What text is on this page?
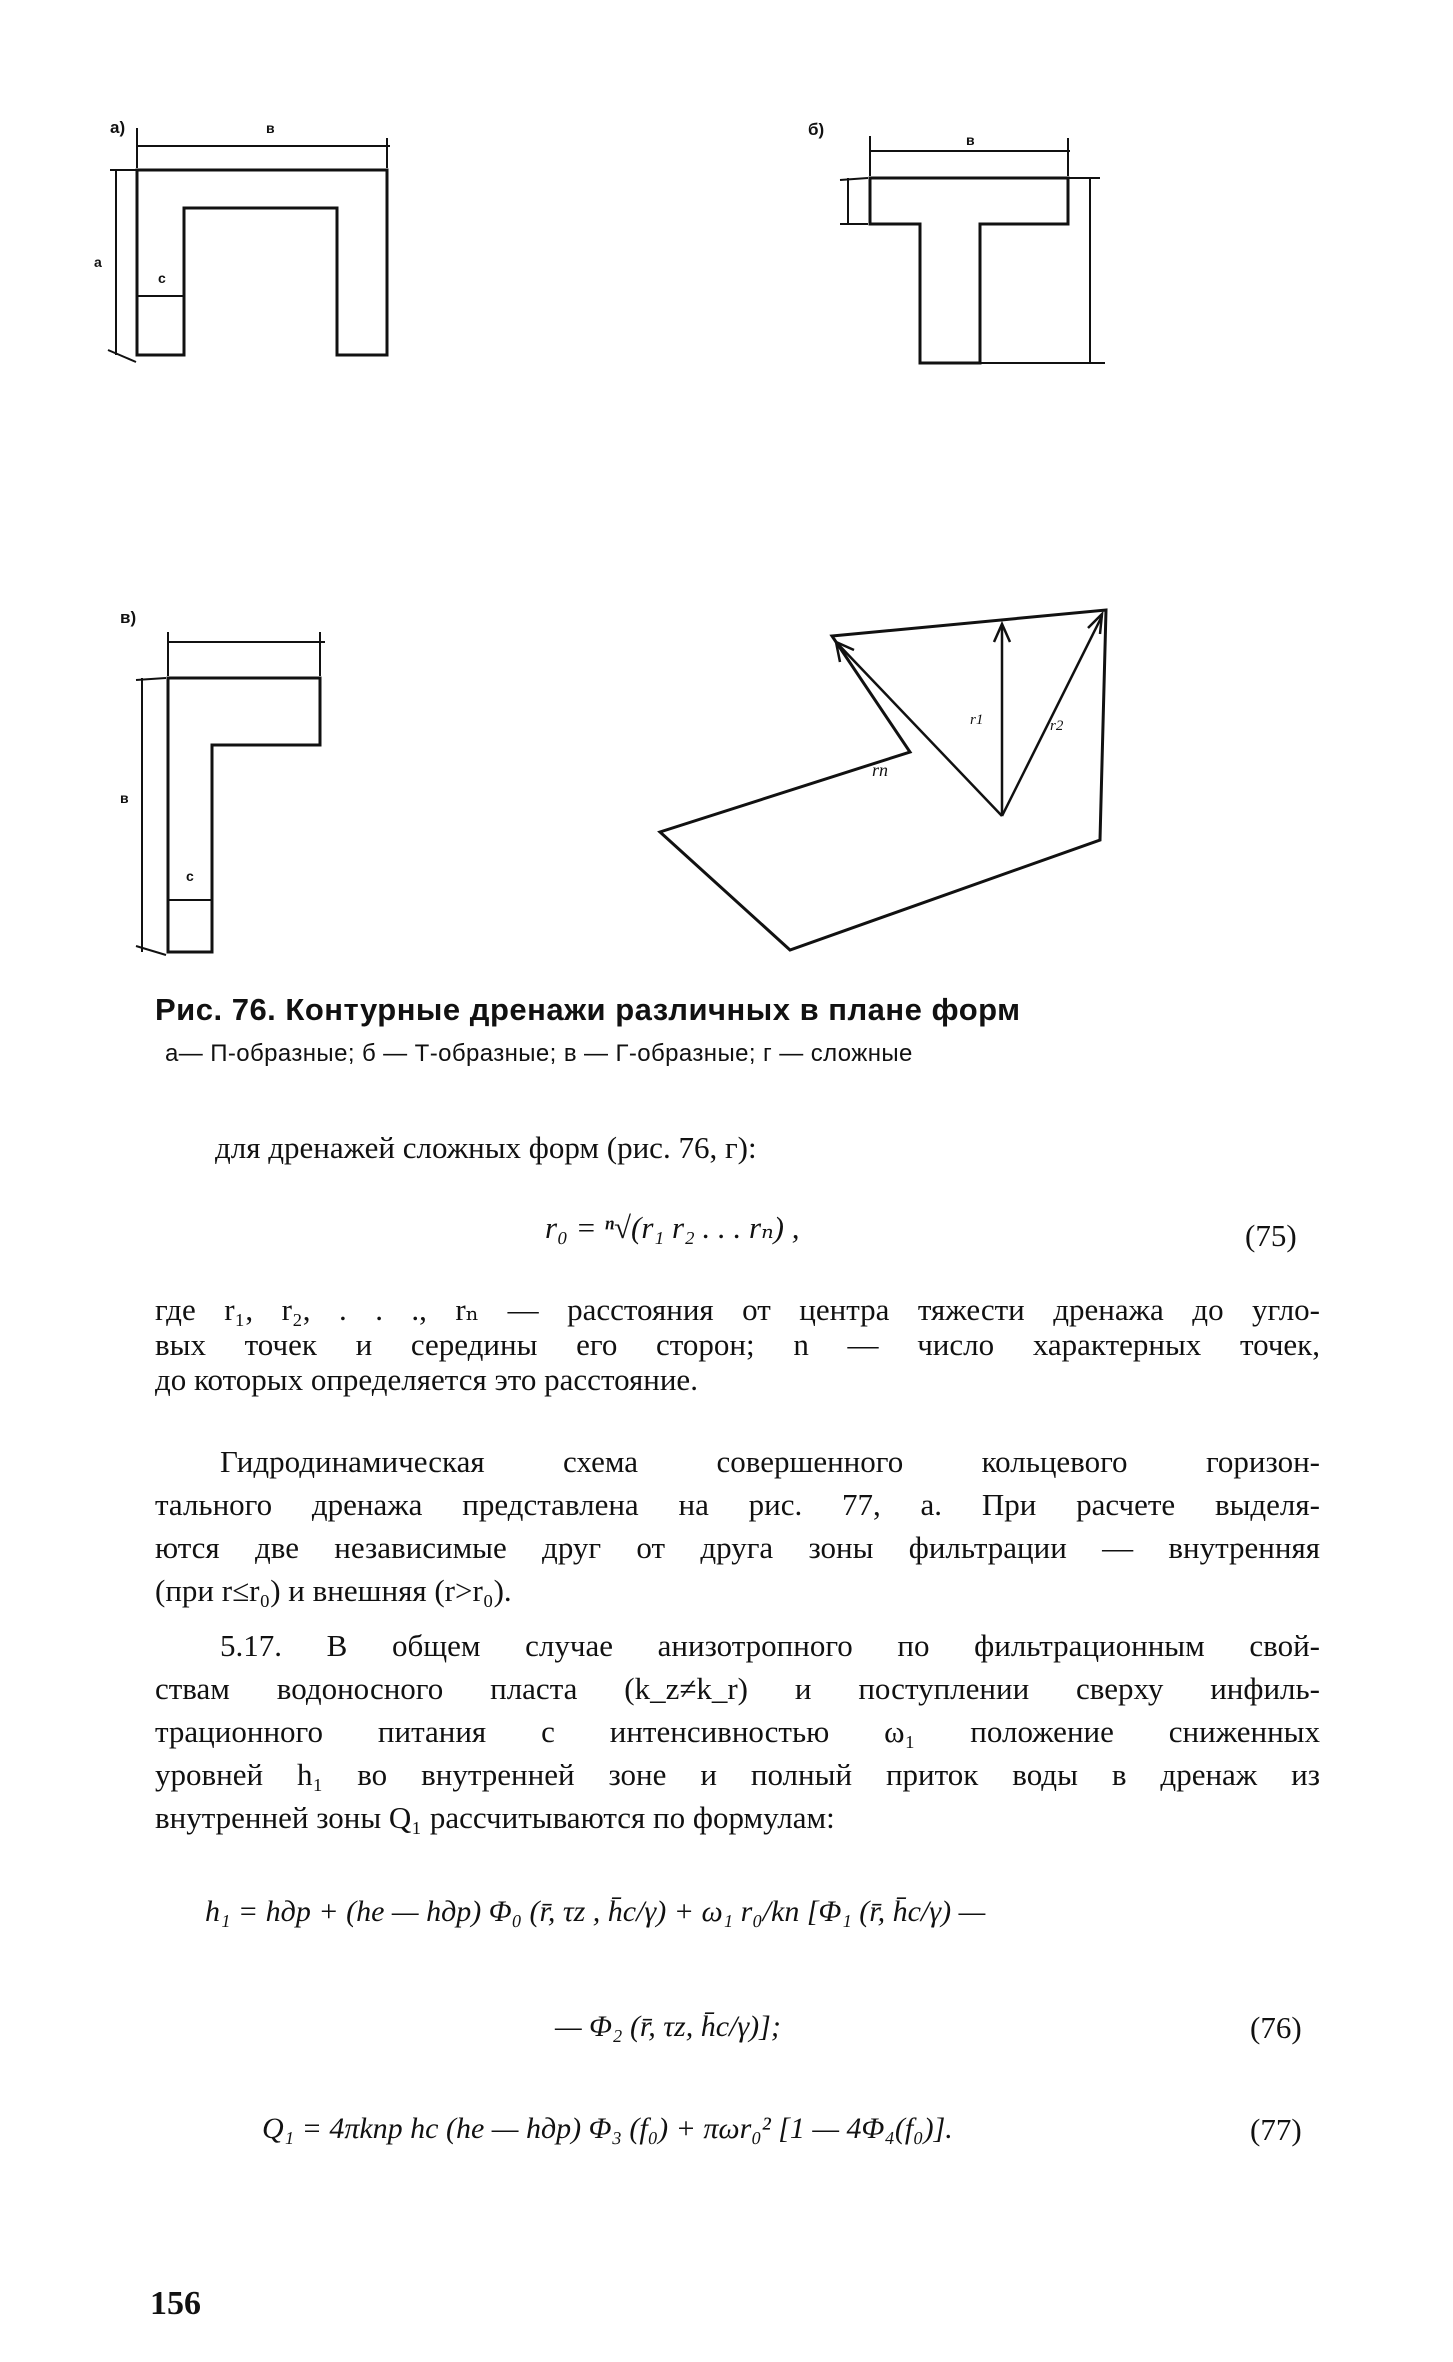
а)	в
а
с
б)
в
в)
в
с
rn
r1	r2
Рис. 76. Контурные дренажи различных в плане форм
а— П-образные; б — Т-образные; в — Г-образные; г — сложные
для дренажей сложных форм (рис. 76, г):
r₀ = ⁿ√(r₁ r₂ . . . rₙ) ,	(75)
где r₁, r₂, . . ., rₙ — расстояния от центра тяжести дренажа до угло-
вых точек и середины его сторон; n — число характерных точек,
до которых определяется это расстояние.
Гидродинамическая схема совершенного кольцевого горизон-
тального дренажа представлена на рис. 77, а. При расчете выделя-
ются две независимые друг от друга зоны фильтрации — внутренняя
(при r≤r₀) и внешняя (r>r₀).
5.17. В общем случае анизотропного по фильтрационным свой-
ствам водоносного пласта (k_z≠k_r) и поступлении сверху инфиль-
трационного питания с интенсивностью ω₁ положение сниженных
уровней h₁ во внутренней зоне и полный приток воды в дренаж из
внутренней зоны Q₁ рассчитываются по формулам:
h₁ = hдр + (he — hдр) Φ₀ (r̄, τz , h̄c/γ) + ω₁ r₀/kп [Φ₁ (r̄, h̄c/γ) —
— Φ₂ (r̄, τz, h̄c/γ)];	(76)
Q₁ = 4πkпр hc (he — hдр) Φ₃ (f₀) + πωr₀² [1 — 4Φ₄(f₀)].	(77)
156
